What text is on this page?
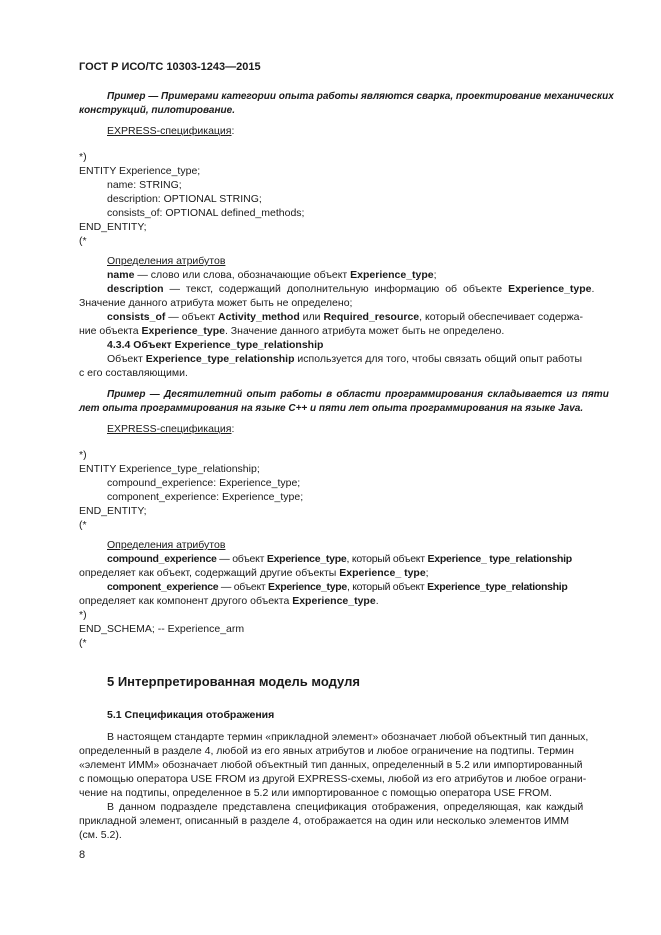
ГОСТ Р ИСО/ТС 10303-1243—2015

Пример — Примерами категории опыта работы являются сварка, проектирование механических
конструкций, пилотирование.

EXPRESS-спецификация:

*)

ENTITY Experience_type;

name: STRING;

description: OPTIONAL STRING;

consists_of: OPTIONAL defined_methods;

END_ENTITY;

(*

Определения атрибутов

name — слово или слова, обозначающие объект Experience_type;

description — текст, содержащий дополнительную информацию об объекте Experience_type.

Значение данного атрибута может быть не определено;

consists_of — объект Activity_method или Required_resource, который обеспечивает содержа-

ние объекта Experience_type. Значение данного атрибута может быть не определено.

4.3.4 Объект Experience_type_relationship

Объект Experience_type_relationship используется для того, чтобы связать общий опыт работы

с его составляющими.

Пример — Десятилетний опыт работы в области программирования складывается из пяти
лет опыта программирования на языке С++ и пяти лет опыта программирования на языке Java.

EXPRESS-спецификация:

*)

ENTITY Experience_type_relationship;

compound_experience: Experience_type;

component_experience: Experience_type;

END_ENTITY;

(*

Определения атрибутов

compound_experience — объект Experience_type, который объект Experience_ type_relationship

определяет как объект, содержащий другие объекты Experience_ type;

component_experience — объект Experience_type, который объект Experience_type_relationship

определяет как компонент другого объекта Experience_type.

*)

END_SCHEMA; -- Experience_arm

(*

5 Интерпретированная модель модуля

5.1 Спецификация отображения

В настоящем стандарте термин «прикладной элемент» обозначает любой объектный тип данных,

определенный в разделе 4, любой из его явных атрибутов и любое ограничение на подтипы. Термин

«элемент ИММ» обозначает любой объектный тип данных, определенный в 5.2 или импортированный

с помощью оператора USE FROM из другой EXPRESS-схемы, любой из его атрибутов и любое ограни-

чение на подтипы, определенное в 5.2 или импортированное с помощью оператора USE FROM.

В данном подразделе представлена спецификация отображения, определяющая, как каждый

прикладной элемент, описанный в разделе 4, отображается на один или несколько элементов ИММ

(см. 5.2).

8
